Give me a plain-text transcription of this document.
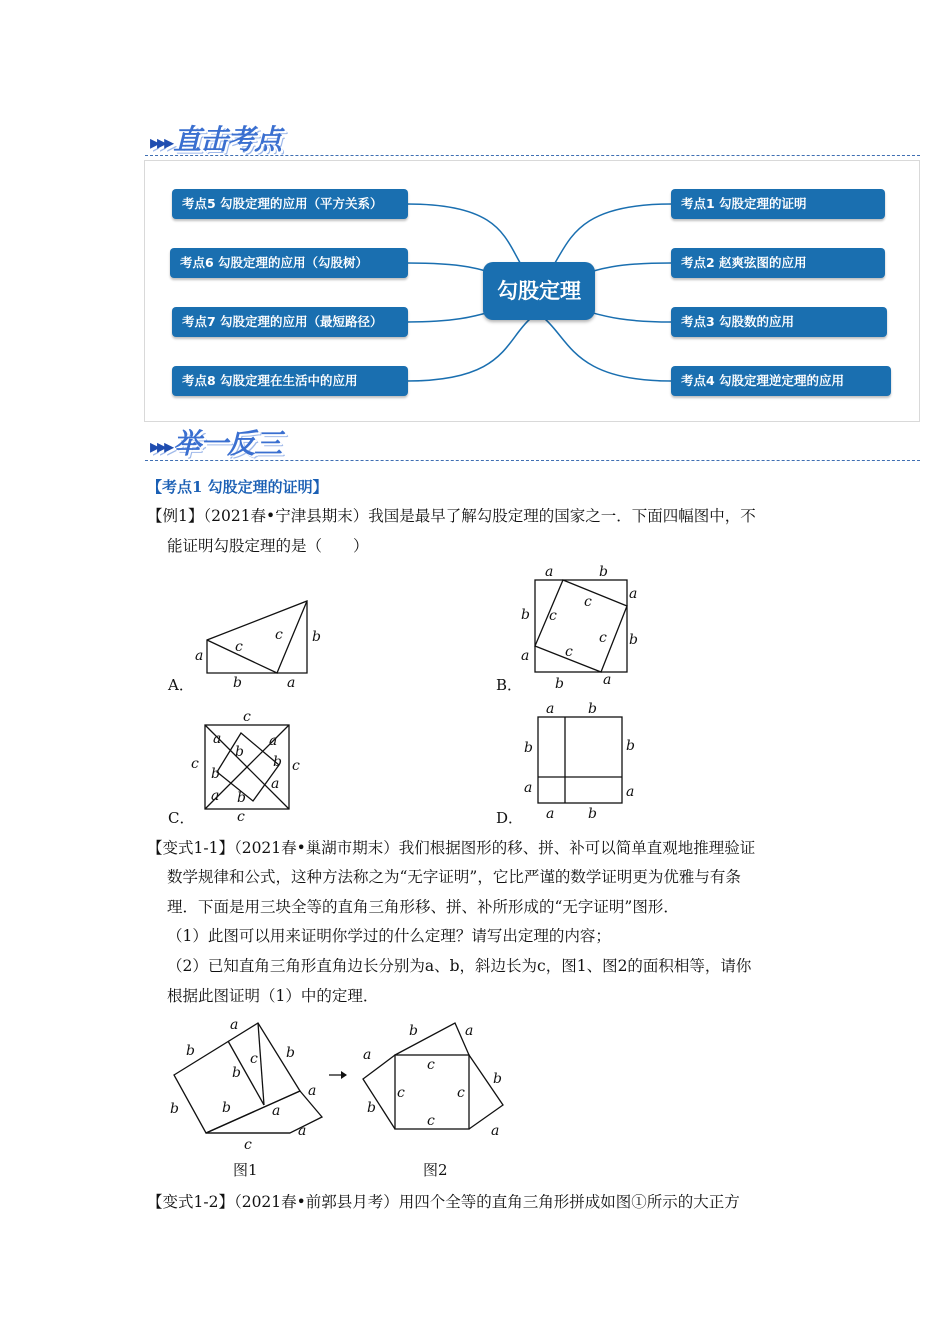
▸▸▸直击考点
考点5 勾股定理的应用（平方关系）
考点6 勾股定理的应用（勾股树）
考点7 勾股定理的应用（最短路径）
考点8 勾股定理在生活中的应用
勾股定理
考点1 勾股定理的证明
考点2 赵爽弦图的应用
考点3 勾股数的应用
考点4 勾股定理逆定理的应用
▸▸▸举一反三
【考点1 勾股定理的证明】
【例1】（2021春•宁津县期末）我国是最早了解勾股定理的国家之一．下面四幅图中，不
能证明勾股定理的是（　　）
A．	B．
C．	D．
a
c
c b
b	a
a	b
a
b
b
a
b	a
c
c
c
c
c
a
b
a
b
c	c
b
a
a b
c
a b
b	b
a	a
a b
【变式1-1】（2021春•巢湖市期末）我们根据图形的移、拼、补可以简单直观地推理验证
数学规律和公式，这种方法称之为“无字证明”，它比严谨的数学证明更为优雅与有条
理．下面是用三块全等的直角三角形移、拼、补所形成的“无字证明”图形．
（1）此图可以用来证明你学过的什么定理？请写出定理的内容；
（2）已知直角三角形直角边长分别为a、b，斜边长为c，图1、图2的面积相等，请你
根据此图证明（1）中的定理．
a
b	b
c
b
b	b	a
a
a
c
图1
b	a
a
c
b
c	c
b
c
a
图2
【变式1-2】（2021春•前郭县月考）用四个全等的直角三角形拼成如图①所示的大正方
